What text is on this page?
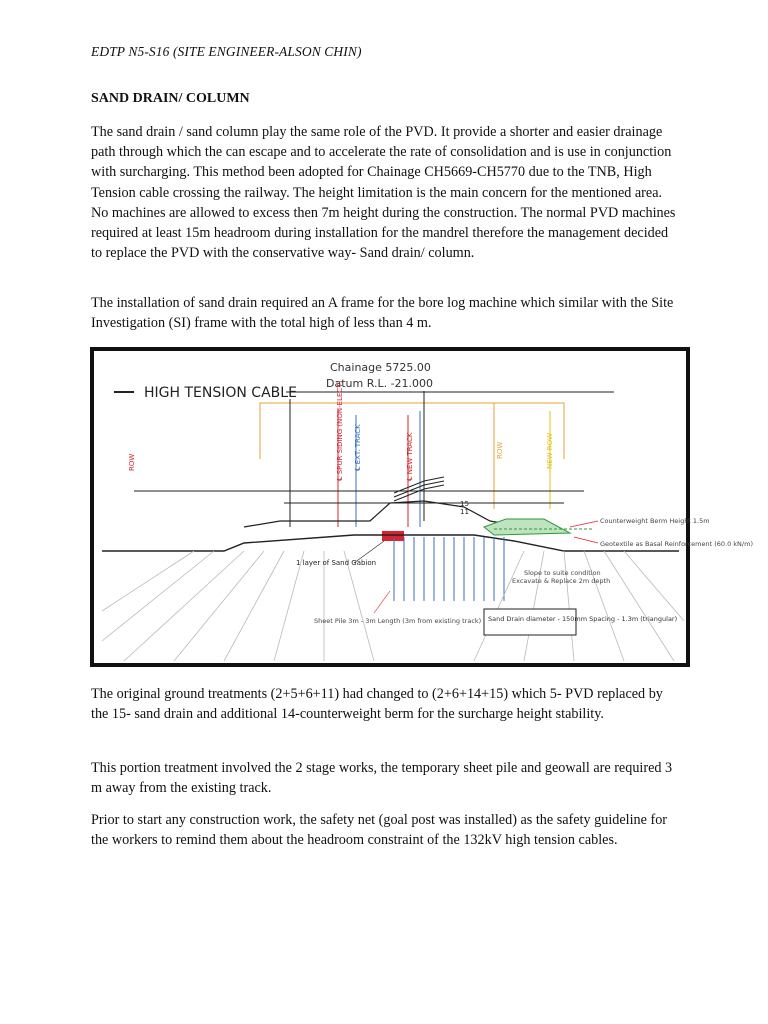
EDTP N5-S16 (SITE ENGINEER-ALSON CHIN)
SAND DRAIN/ COLUMN

The sand drain / sand column play the same role of the PVD. It provide a shorter and easier drainage path through which the can escape and to accelerate the rate of consolidation and is use in conjunction with surcharging. This method been adopted for Chainage CH5669-CH5770 due to the TNB, High Tension cable crossing the railway. The height limitation is the main concern for the mentioned area. No machines are allowed to excess then 7m height during the construction. The normal PVD machines required at least 15m headroom during installation for the mandrel therefore the management decided to replace the PVD with the conservative way- Sand drain/ column.

The installation of sand drain required an A frame for the bore log machine which similar with the Site Investigation (SI) frame with the total high of less than 4 m.

Chainage 5725.00
Datum R.L. -21.000
HIGH TENSION CABLE
ROW	℄ SPUR SIDING (NON-ELECT) ℄ EXT. TRACK	℄ NEW TRACK	ROW	NEW ROW
15
11
1 layer of Sand Gabion
Counterweight Berm Height 1.5m
Geotextile as Basal Reinforcement (60.0 kN/m)
Slope to suite condition
Excavate & Replace 2m depth
Sheet Pile 3m - 3m Length (3m from existing track) Sand Drain diameter - 150mm Spacing - 1.3m (triangular)

The original ground treatments (2+5+6+11) had changed to (2+6+14+15) which 5- PVD replaced by the 15- sand drain and additional 14-counterweight berm for the surcharge height stability.

This portion treatment involved the 2 stage works, the temporary sheet pile and geowall are required 3 m away from the existing track.

Prior to start any construction work, the safety net (goal post was installed) as the safety guideline for the workers to remind them about the headroom constraint of the 132kV high tension cables.
